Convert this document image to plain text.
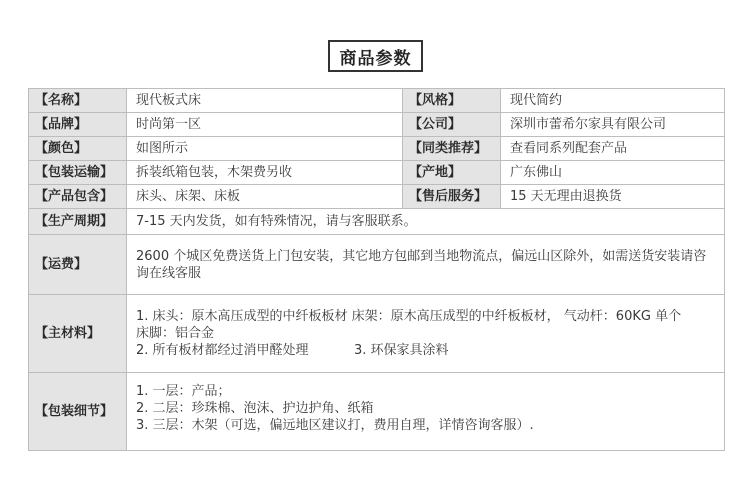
商品参数
【名称】	现代板式床	【风格】	现代简约
【品牌】	时尚第一区	【公司】	深圳市蕾希尔家具有限公司
【颜色】	如图所示	【同类推荐】	查看同系列配套产品
【包装运输】	拆装纸箱包装，木架费另收	【产地】	广东佛山
【产品包含】	床头、床架、床板	【售后服务】	15 天无理由退换货
【生产周期】	7-15 天内发货，如有特殊情况，请与客服联系。		
【运费】	2600 个城区免费送货上门包安装，其它地方包邮到当地物流点，偏远山区除外，如需送货安装请咨询在线客服		
【主材料】	1. 床头：原木高压成型的中纤板板材 床架：原木高压成型的中纤板板材， 气动杆：60KG 单个
床脚：铝合金
2. 所有板材都经过消甲醛处理           3. 环保家具涂料		

【包装细节】	1. 一层：产品；
2. 二层：珍珠棉、泡沫、护边护角、纸箱
3. 三层：木架（可选，偏远地区建议打，费用自理，详情咨询客服）.		
